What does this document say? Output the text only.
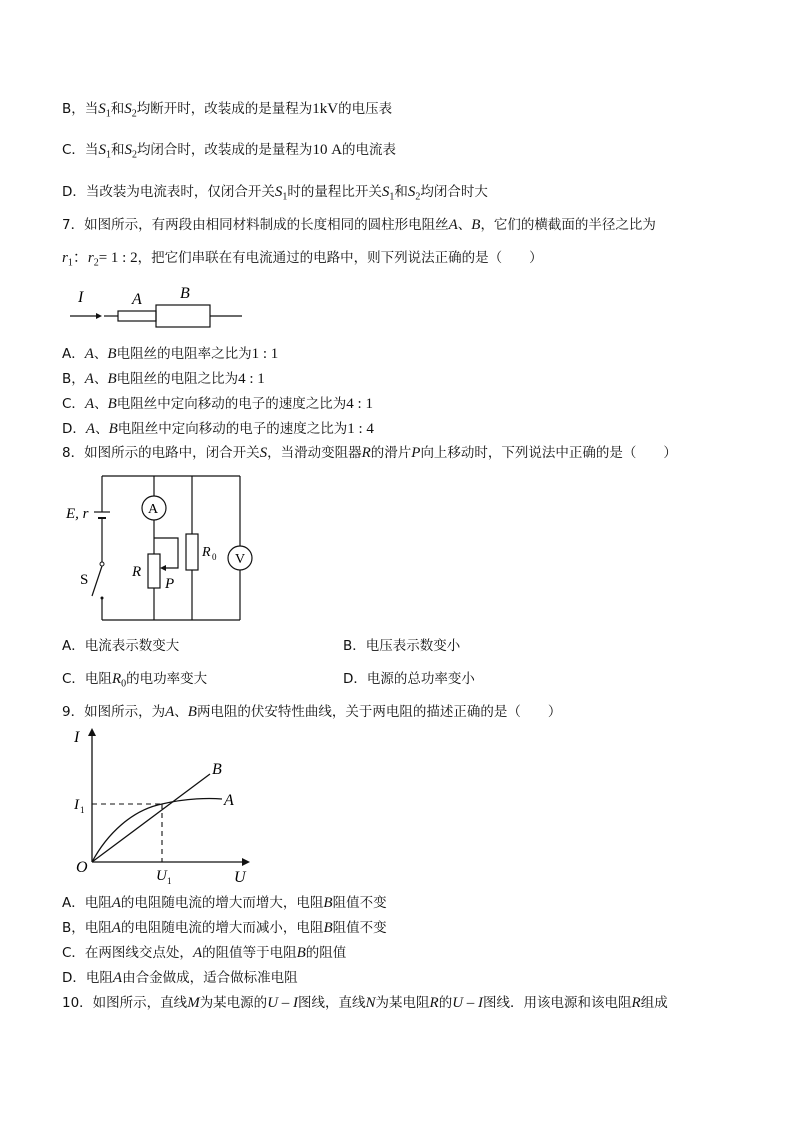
B，当$S_1$和$S_2$均断开时，改装成的是量程为1kV的电压表
C．当$S_1$和$S_2$均闭合时，改装成的是量程为10 A的电流表
D．当改装为电流表时，仅闭合开关$S_1$时的量程比开关$S_1$和$S_2$均闭合时大
7．如图所示，有两段由相同材料制成的长度相同的圆柱形电阻丝A、B，它们的横截面的半径之比为
$r_1$：$r_2= 1$ : 2，把它们串联在有电流通过的电路中，则下列说法正确的是（　　）
I	A B
A．A、B电阻丝的电阻率之比为1 : 1
B，A、B电阻丝的电阻之比为4 : 1
C．A、B电阻丝中定向移动的电子的速度之比为4 : 1
D．A、B电阻丝中定向移动的电子的速度之比为1 : 4
8．如图所示的电路中，闭合开关S，当滑动变阻器R的滑片P向上移动时，下列说法中正确的是（　　）
E, r	A
V
R
R 0
P
S
A．电流表示数变大	B．电压表示数变小
C．电阻$R_0$的电功率变大	D．电源的总功率变小
9．如图所示，为A、B两电阻的伏安特性曲线，关于两电阻的描述正确的是（　　）
I
U
O
I 1
U 1
B
A
A．电阻A的电阻随电流的增大而增大，电阻B阻值不变
B，电阻A的电阻随电流的增大而减小，电阻B阻值不变
C．在两图线交点处，A的阻值等于电阻B的阻值
D．电阻A由合金做成，适合做标准电阻
10．如图所示，直线M为某电源的U – I图线，直线N为某电阻R的U – I图线．用该电源和该电阻R组成
